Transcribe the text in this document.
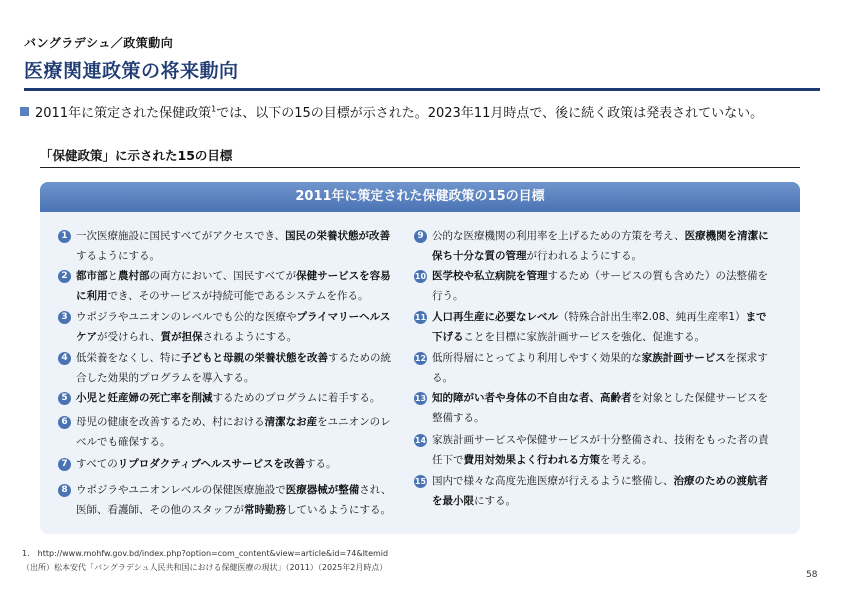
バングラデシュ／政策動向
医療関連政策の将来動向
2011年に策定された保健政策$^1$では、以下の15の目標が示された。2023年11月時点で、後に続く政策は発表されていない。
「保健政策」に示された15の目標
2011年に策定された保健政策の15の目標
1 一次医療施設に国民すべてがアクセスでき、国民の栄養状態が改善するようにする。
2 都市部と農村部の両方において、国民すべてが保健サービスを容易に利用でき、そのサービスが持続可能であるシステムを作る。
3 ウポジラやユニオンのレベルでも公的な医療やプライマリーヘルスケアが受けられ、質が担保されるようにする。
4 低栄養をなくし、特に子どもと母親の栄養状態を改善するための統合した効果的プログラムを導入する。
5 小児と妊産婦の死亡率を削減するためのプログラムに着手する。
6 母児の健康を改善するため、村における清潔なお産をユニオンのレベルでも確保する。
7 すべてのリプロダクティブヘルスサービスを改善する。
8 ウポジラやユニオンレベルの保健医療施設で医療器械が整備され、医師、看護師、その他のスタッフが常時勤務しているようにする。
9 公的な医療機関の利用率を上げるための方策を考え、医療機関を清潔に保ち十分な質の管理が行われるようにする。
10 医学校や私立病院を管理するため（サービスの質も含めた）の法整備を行う。
11 人口再生産に必要なレベル（特殊合計出生率2.08、純再生産率1）まで下げることを目標に家族計画サービスを強化、促進する。
12 低所得層にとってより利用しやすく効果的な家族計画サービスを探求する。
13 知的障がい者や身体の不自由な者、高齢者を対象とした保健サービスを整備する。
14 家族計画サービスや保健サービスが十分整備され、技術をもった者の責任下で費用対効果よく行われる方策を考える。
15 国内で様々な高度先進医療が行えるように整備し、治療のための渡航者を最小限にする。
1.　http://www.mohfw.gov.bd/index.php?option=com_content&view=article&id=74&Itemid
（出所）松本安代「バングラデシュ人民共和国における保健医療の現状」（2011）（2025年2月時点）
58
